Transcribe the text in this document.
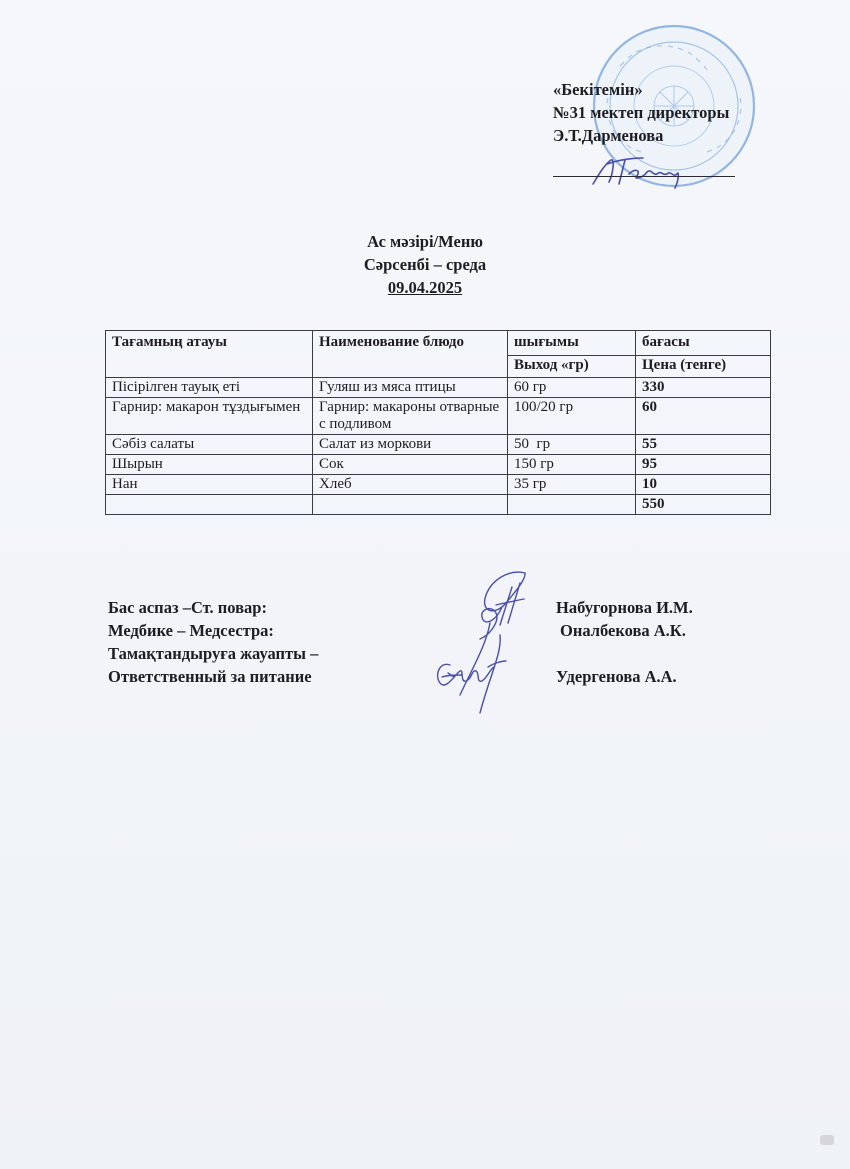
«Бекітемін»
№31 мектеп директоры
Э.Т.Дарменова
Ас мәзірі/Меню
Сәрсенбі – среда
09.04.2025
Тағамның атауы	Наименование блюдо	шығымы	бағасы
		Выход «гр)	Цена (тенге)
Пісірілген тауық еті	Гуляш из мяса птицы	60 гр	330
Гарнир: макарон тұздығымен	Гарнир: макароны отварные с подливом	100/20 гр	60
Сәбіз салаты	Салат из моркови	50  гр	55
Шырын	Сок	150 гр	95
Нан	Хлеб	35 гр	10
			550
Бас аспаз –Ст. повар:
Медбике – Медсестра:
Тамақтандыруға жауапты –
Ответственный за питание
Набугорнова И.М.
Оналбекова А.К.
Удергенова А.А.
